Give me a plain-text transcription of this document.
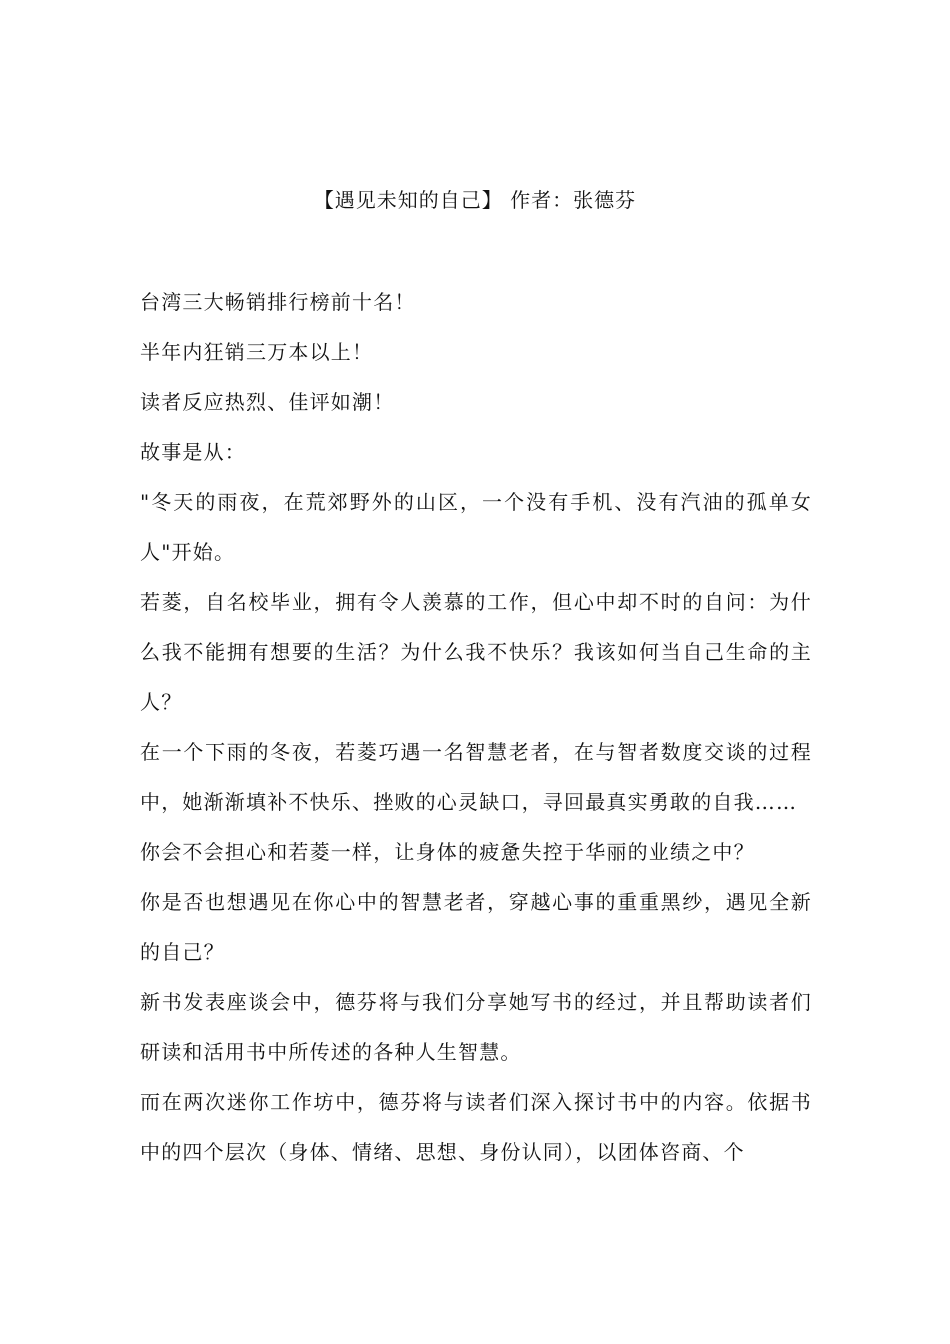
【遇见未知的自己】 作者：张德芬

台湾三大畅销排行榜前十名！

半年内狂销三万本以上！

读者反应热烈、佳评如潮！

故事是从：

"冬天的雨夜，在荒郊野外的山区，一个没有手机、没有汽油的孤单女人"开始。

若菱，自名校毕业，拥有令人羡慕的工作，但心中却不时的自问：为什么我不能拥有想要的生活？为什么我不快乐？我该如何当自己生命的主人？

在一个下雨的冬夜，若菱巧遇一名智慧老者，在与智者数度交谈的过程中，她渐渐填补不快乐、挫败的心灵缺口，寻回最真实勇敢的自我……

你会不会担心和若菱一样，让身体的疲惫失控于华丽的业绩之中？

你是否也想遇见在你心中的智慧老者，穿越心事的重重黑纱，遇见全新的自己？

新书发表座谈会中，德芬将与我们分享她写书的经过，并且帮助读者们研读和活用书中所传述的各种人生智慧。

而在两次迷你工作坊中，德芬将与读者们深入探讨书中的内容。依据书中的四个层次（身体、情绪、思想、身份认同），以团体咨商、个
